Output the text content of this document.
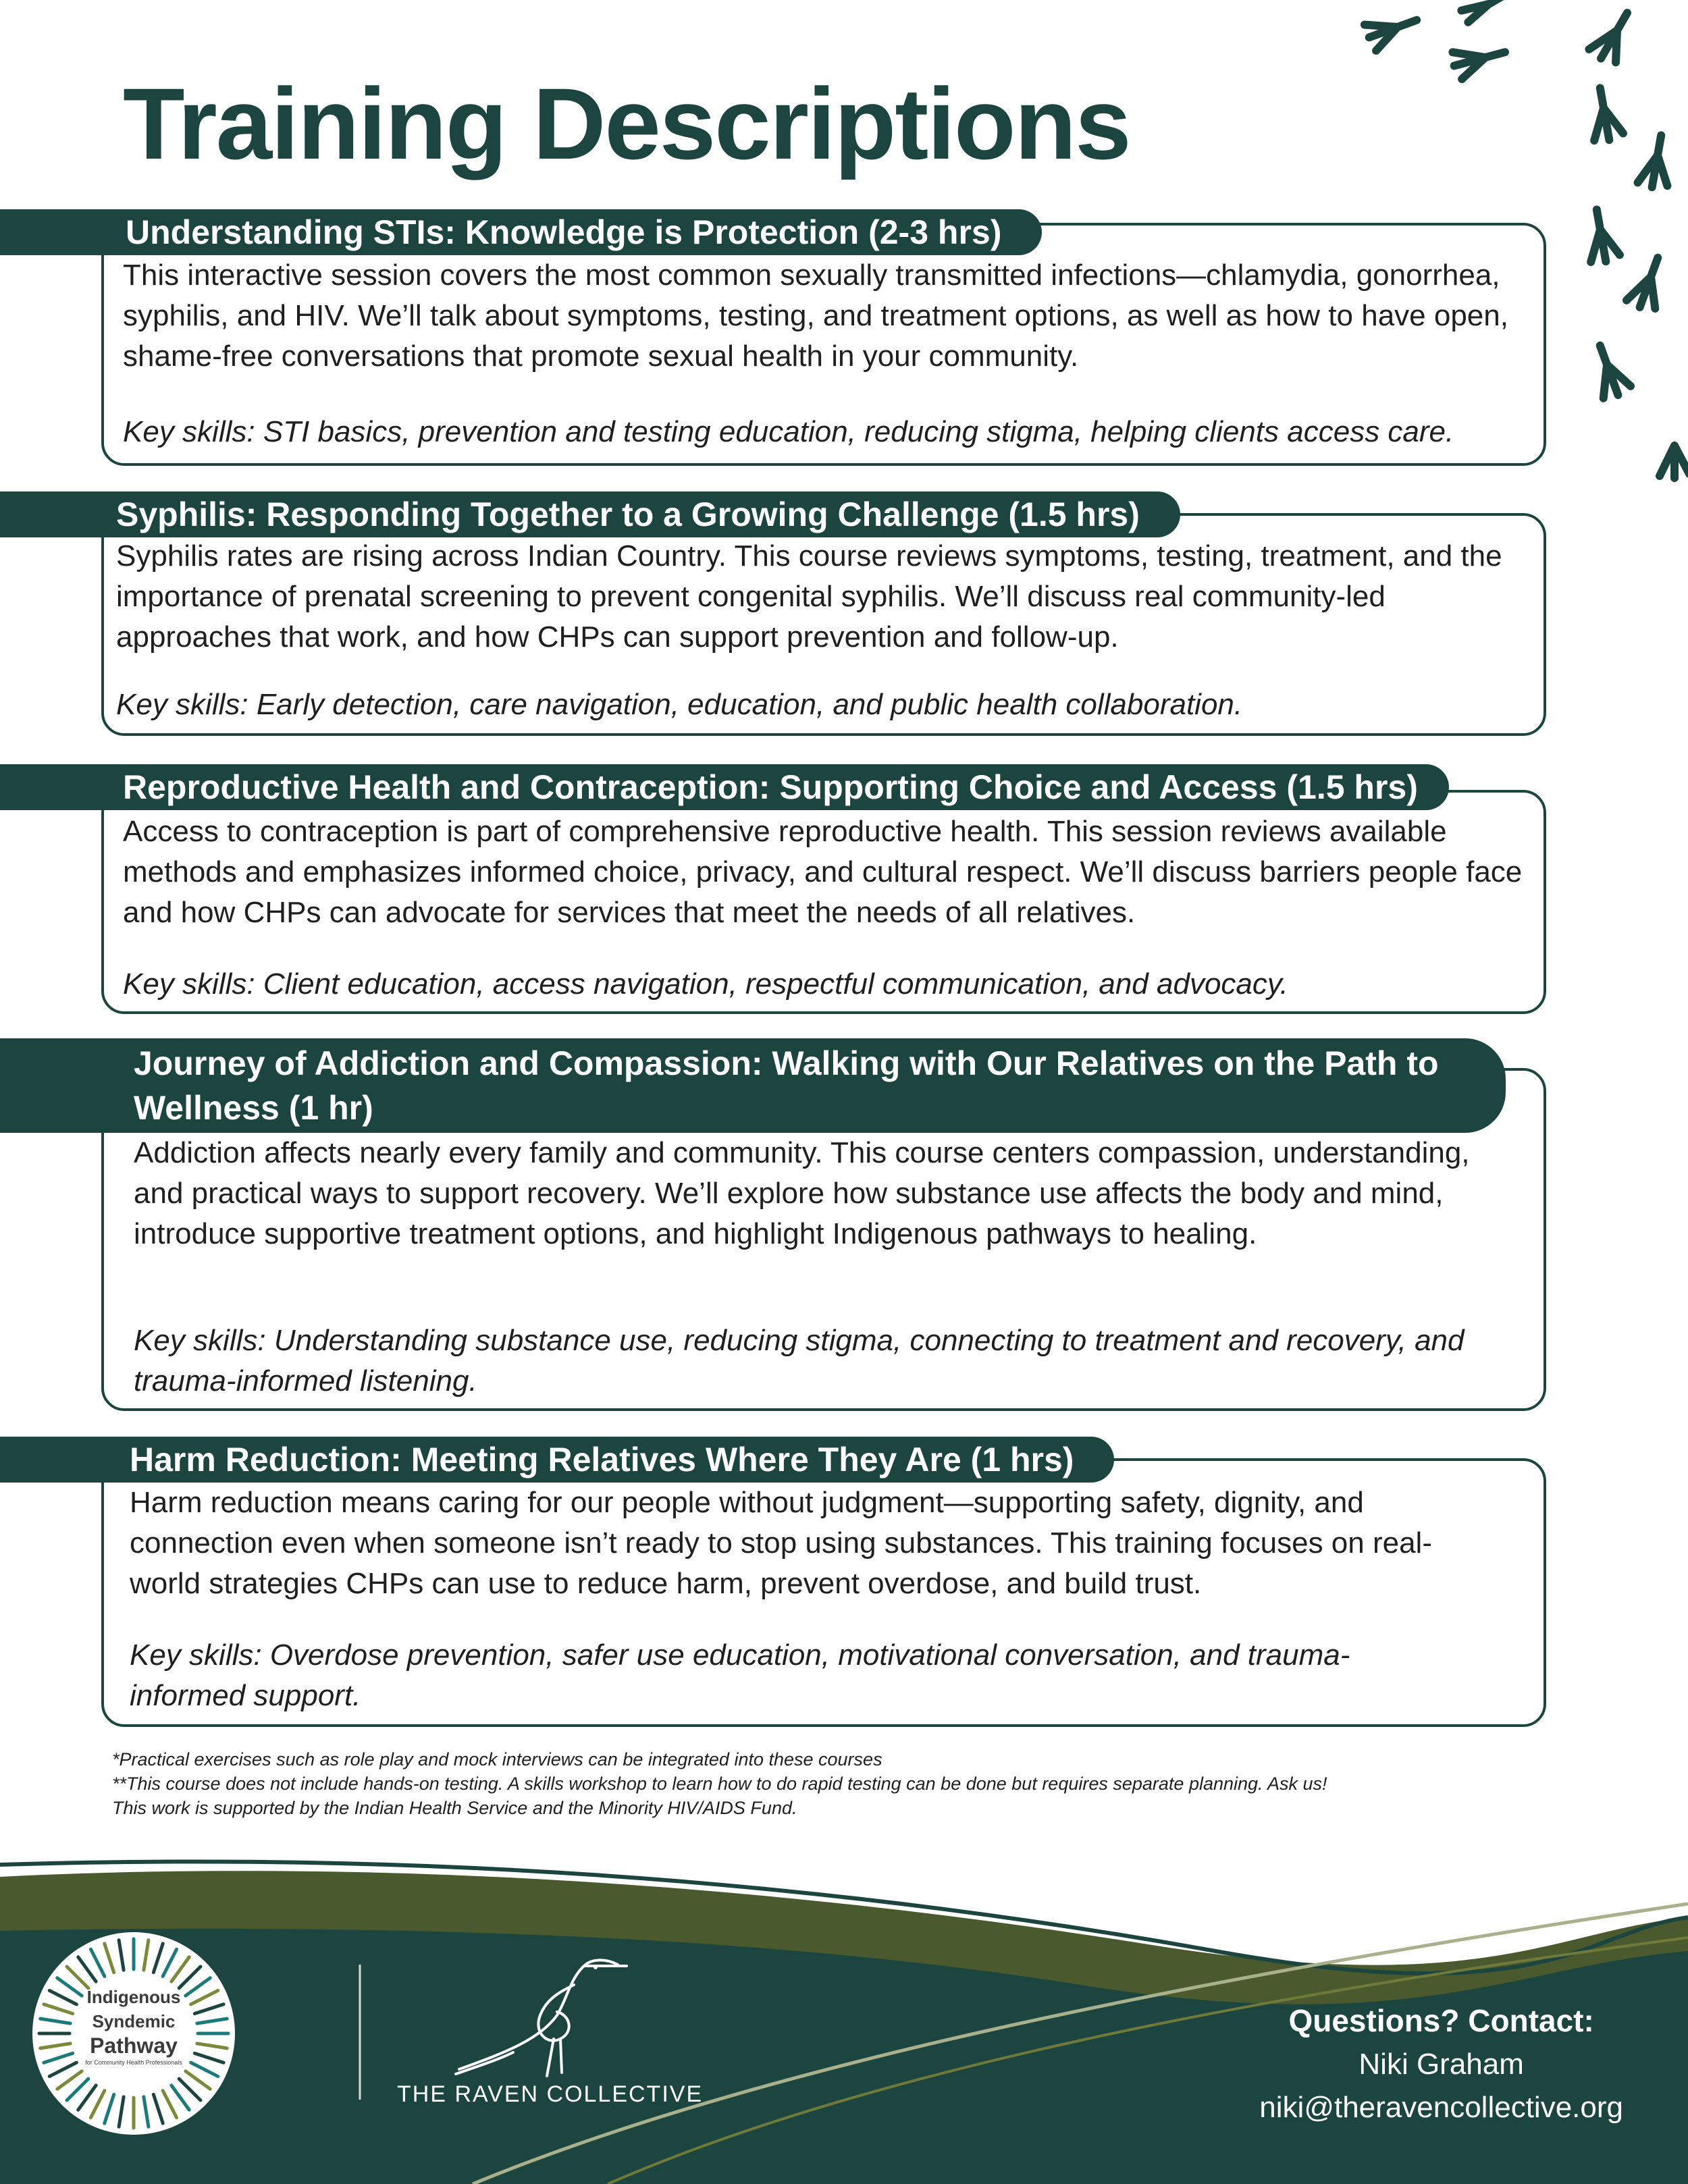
Training Descriptions
Understanding STIs: Knowledge is Protection (2-3 hrs)
This interactive session covers the most common sexually transmitted infections—chlamydia, gonorrhea, syphilis, and HIV. We’ll talk about symptoms, testing, and treatment options, as well as how to have open, shame-free conversations that promote sexual health in your community.
Key skills: STI basics, prevention and testing education, reducing stigma, helping clients access care.
Syphilis: Responding Together to a Growing Challenge (1.5 hrs)
Syphilis rates are rising across Indian Country. This course reviews symptoms, testing, treatment, and the importance of prenatal screening to prevent congenital syphilis. We’ll discuss real community-led approaches that work, and how CHPs can support prevention and follow-up.
Key skills: Early detection, care navigation, education, and public health collaboration.
Reproductive Health and Contraception: Supporting Choice and Access (1.5 hrs)
Access to contraception is part of comprehensive reproductive health. This session reviews available methods and emphasizes informed choice, privacy, and cultural respect. We’ll discuss barriers people face and how CHPs can advocate for services that meet the needs of all relatives.
Key skills: Client education, access navigation, respectful communication, and advocacy.
Journey of Addiction and Compassion: Walking with Our Relatives on the Path to Wellness (1 hr)
Addiction affects nearly every family and community. This course centers compassion, understanding, and practical ways to support recovery. We’ll explore how substance use affects the body and mind, introduce supportive treatment options, and highlight Indigenous pathways to healing.
Key skills: Understanding substance use, reducing stigma, connecting to treatment and recovery, and trauma-informed listening.
Harm Reduction: Meeting Relatives Where They Are (1 hrs)
Harm reduction means caring for our people without judgment—supporting safety, dignity, and connection even when someone isn’t ready to stop using substances. This training focuses on real-world strategies CHPs can use to reduce harm, prevent overdose, and build trust.
Key skills: Overdose prevention, safer use education, motivational conversation, and trauma-informed support.
*Practical exercises such as role play and mock interviews can be integrated into these courses
**This course does not include hands-on testing. A skills workshop to learn how to do rapid testing can be done but requires separate planning. Ask us!
This work is supported by the Indian Health Service and the Minority HIV/AIDS Fund.
Indigenous
Syndemic
Pathway
for Community Health Professionals
THE RAVEN COLLECTIVE
Questions? Contact:
Niki Graham
niki@theravencollective.org
